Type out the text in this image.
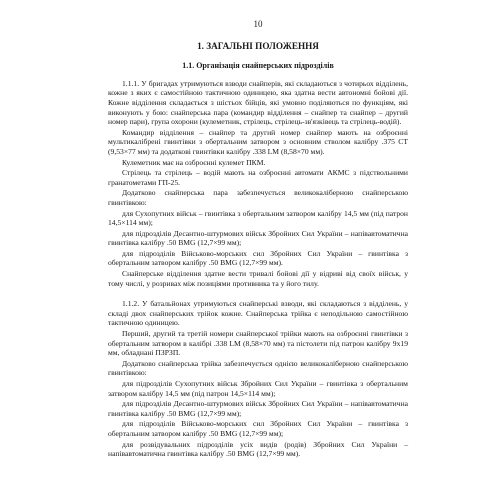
10
1. ЗАГАЛЬНІ ПОЛОЖЕННЯ
1.1. Організація снайперських підрозділів

1.1.1. У бригадах утримуються взводи снайперів, які складаються з чотирьох відділень, кожне з яких є самостійною тактичною одиницею, яка здатна вести автономні бойові дії. Кожне відділення складається з шістьох бійців, які умовно поділяються по функціям, які виконують у бою: снайперська пара (командир відділення – снайпер та снайпер – другий номер пари), група охорони (кулеметник, стрілець, стрілець-зв'язківець та стрілець-водій).

Командир відділення – снайпер та другий номер снайпер мають на озброєнні мультикалібрені гвинтівки з обертальним затвором з основним стволом калібру .375 CT (9,53×77 мм) та додаткові гвинтівки калібру .338 LM (8,58×70 мм).

Кулеметник має на озброєнні кулемет ПКМ.

Стрілець та стрілець – водій мають на озброєнні автомати АКМС з підствольними гранатометами ГП-25.

Додатково снайперська пара забезпечується великокаліберною снайперською гвинтівкою:

для Сухопутних військ – гвинтівка з обертальним затвором калібру 14,5 мм (під патрон 14,5×114 мм);

для підрозділів Десантно-штурмових військ Збройних Сил України – напівавтоматична гвинтівка калібру .50 BMG (12,7×99 мм);

для підрозділів Військово-морських сил Збройних Сил України – гвинтівка з обертальним затвором калібру .50 BMG (12,7×99 мм).

Снайперське відділення здатне вести тривалі бойові дії у відриві від своїх військ, у тому числі, у розривах між позиціями противника та у його тилу.

1.1.2. У батальйонах утримуються снайперські взводи, які складаються з відділень, у складі двох снайперських трійок кожне. Снайперська трійка є неподільною самостійною тактичною одиницею.

Перший, другий та третій номери снайперської трійки мають на озброєнні гвинтівки з обертальним затвором в калібрі .338 LM (8,58×70 мм) та пістолети під патрон калібру 9х19 мм, обладнані ПЗРЗП.

Додатково снайперська трійка забезпечується однією великокаліберною снайперською гвинтівкою:

для підрозділів Сухопутних військ Збройних Сил України – гвинтівка з обертальним затвором калібру 14,5 мм (під патрон 14,5×114 мм);

для підрозділів Десантно-штурмових військ Збройних Сил України – напівавтоматична гвинтівка калібру .50 BMG (12,7×99 мм);

для підрозділів Військово-морських сил Збройних Сил України – гвинтівка з обертальним затвором калібру .50 BMG (12,7×99 мм);

для розвідувальних підрозділів усіх видів (родів) Збройних Сил України – напівавтоматична гвинтівка калібру .50 BMG (12,7×99 мм).
